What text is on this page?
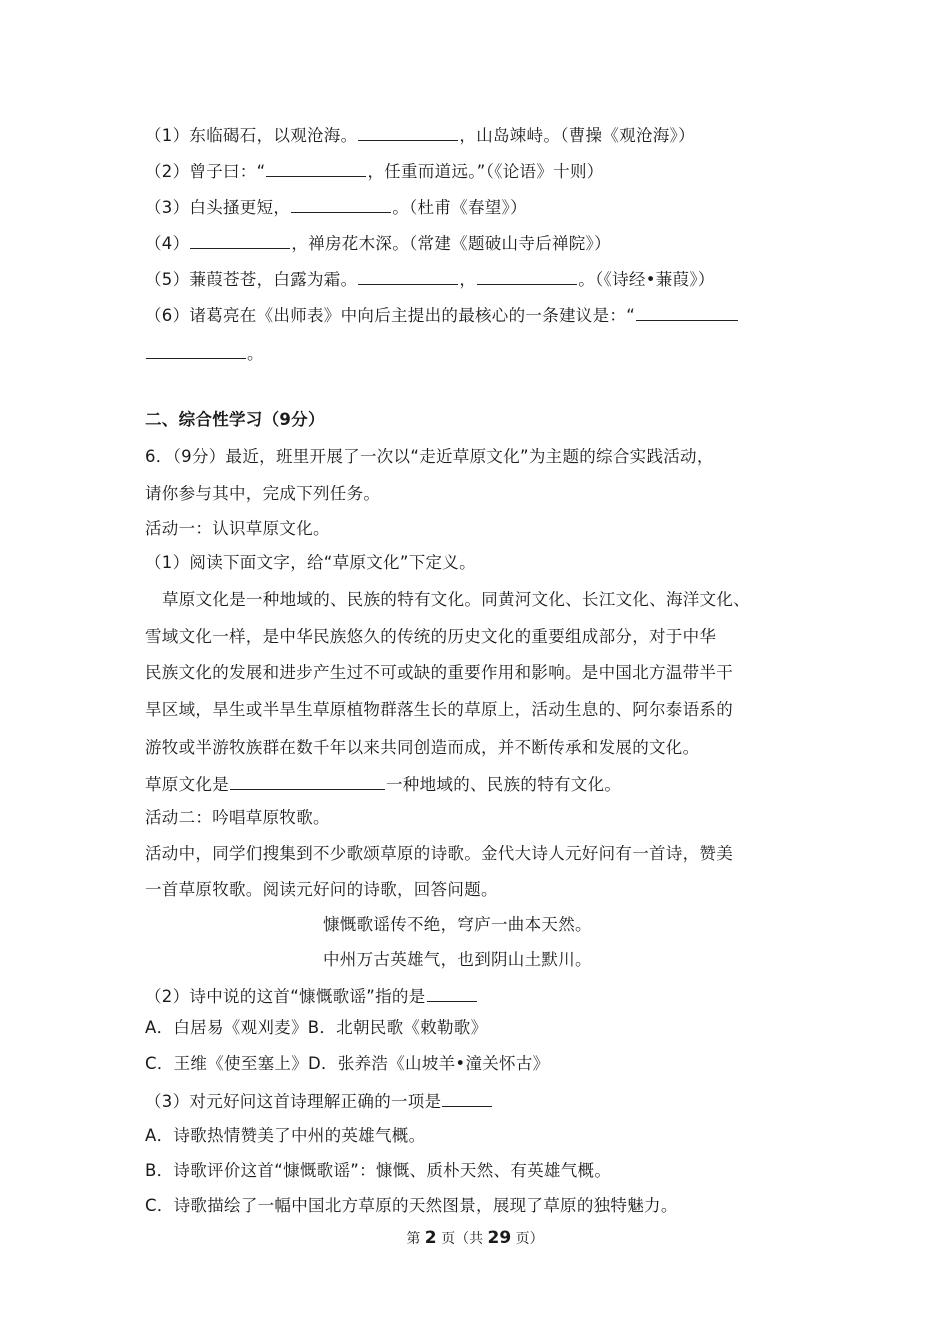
（1）东临碣石，以观沧海。	，山岛竦峙。（曹操《观沧海》）
（2）曾子曰：“	，任重而道远。”（《论语》十则）
（3）白头搔更短，	。（杜甫《春望》）
（4）	，禅房花木深。（常建《题破山寺后禅院》）
（5）蒹葭苍苍，白露为霜。	，	。（《诗经•蒹葭》）
（6）诸葛亮在《出师表》中向后主提出的最核心的一条建议是：“
。
二、综合性学习（9分）
6．（9分）最近，班里开展了一次以“走近草原文化”为主题的综合实践活动，
请你参与其中，完成下列任务。
活动一：认识草原文化。
（1）阅读下面文字，给“草原文化”下定义。
草原文化是一种地域的、民族的特有文化。同黄河文化、长江文化、海洋文化、
雪域文化一样，是中华民族悠久的传统的历史文化的重要组成部分，对于中华
民族文化的发展和进步产生过不可或缺的重要作用和影响。是中国北方温带半干
旱区域，旱生或半旱生草原植物群落生长的草原上，活动生息的、阿尔泰语系的
游牧或半游牧族群在数千年以来共同创造而成，并不断传承和发展的文化。
草原文化是	一种地域的、民族的特有文化。
活动二：吟唱草原牧歌。
活动中，同学们搜集到不少歌颂草原的诗歌。金代大诗人元好问有一首诗，赞美
一首草原牧歌。阅读元好问的诗歌，回答问题。
慷慨歌谣传不绝，穹庐一曲本天然。
中州万古英雄气，也到阴山土默川。
（2）诗中说的这首“慷慨歌谣”指的是
A．白居易《观刈麦》B．北朝民歌《敕勒歌》
C．王维《使至塞上》D．张养浩《山坡羊•潼关怀古》
（3）对元好问这首诗理解正确的一项是
A．诗歌热情赞美了中州的英雄气概。
B．诗歌评价这首“慷慨歌谣”：慷慨、质朴天然、有英雄气概。
C．诗歌描绘了一幅中国北方草原的天然图景，展现了草原的独特魅力。
第 2 页（共 29 页）
